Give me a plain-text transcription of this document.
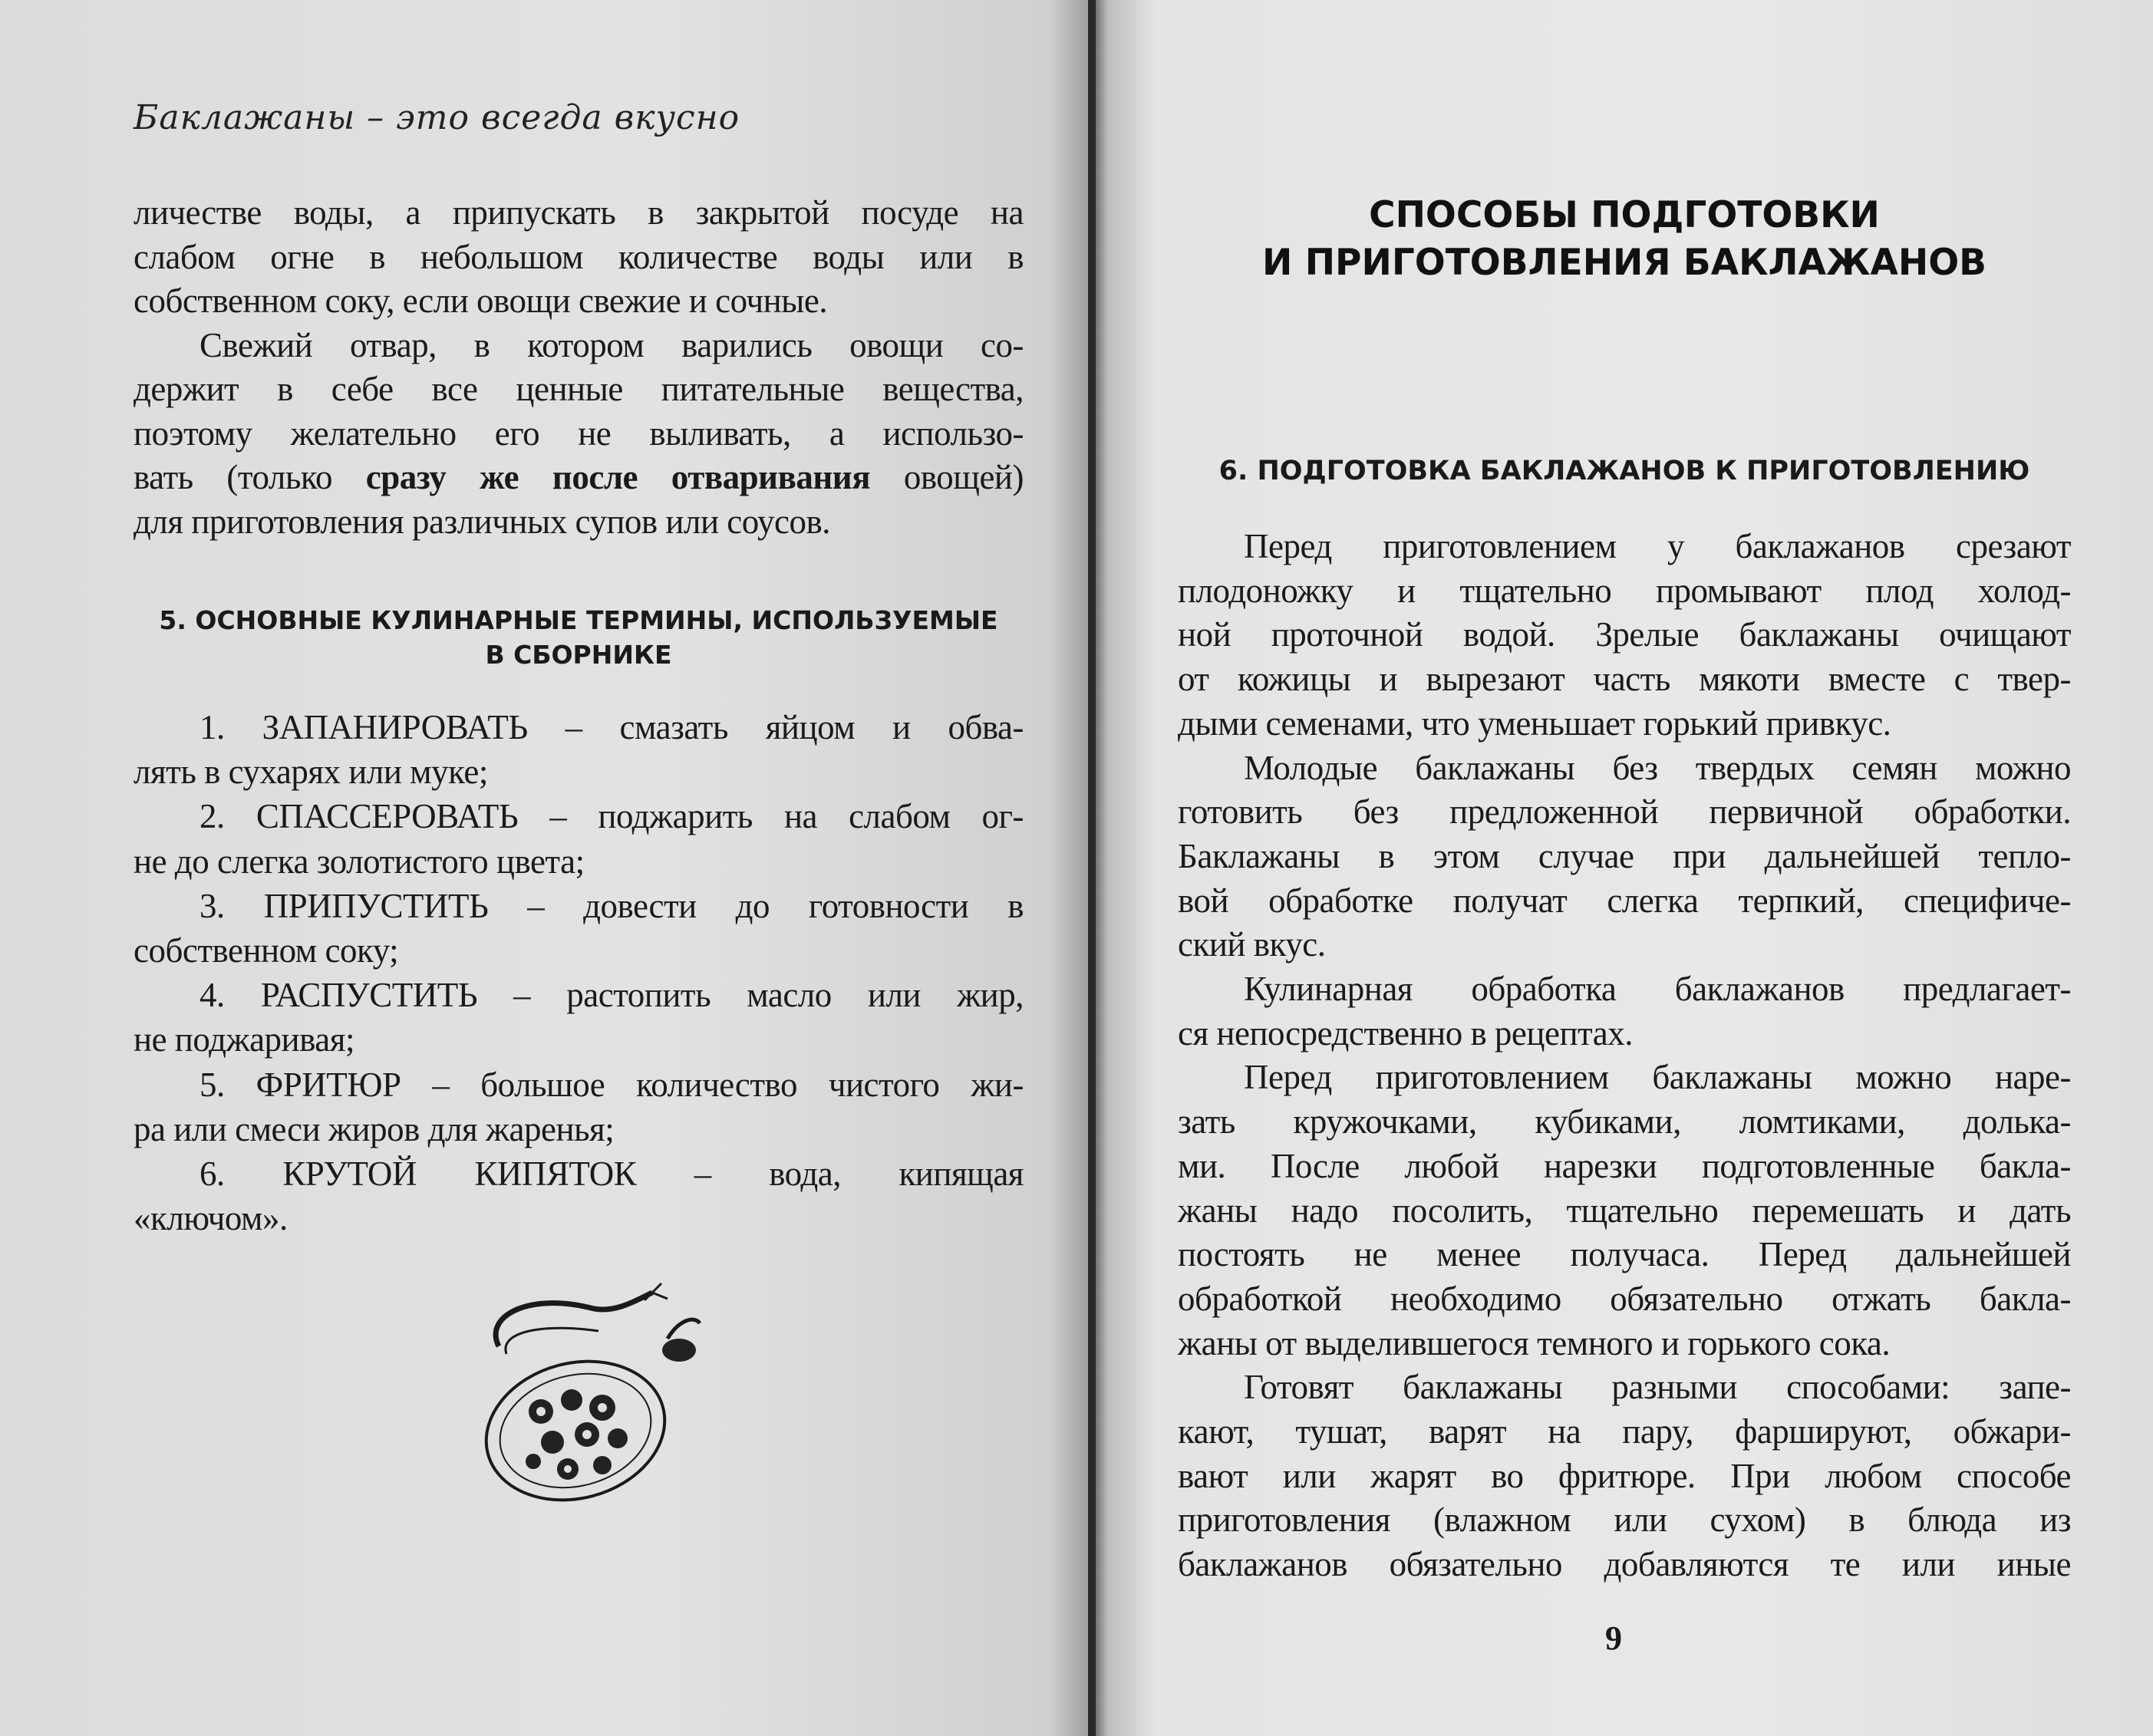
Баклажаны – это всегда вкусно
личестве воды, а припускать в закрытой посуде на
слабом огне в небольшом количестве воды или в
собственном соку, если овощи свежие и сочные.
Свежий отвар, в котором варились овощи со-
держит в себе все ценные питательные вещества,
поэтому желательно его не выливать, а использо-
вать (только сразу же после отваривания овощей)
для приготовления различных супов или соусов.
5. ОСНОВНЫЕ КУЛИНАРНЫЕ ТЕРМИНЫ, ИСПОЛЬЗУЕМЫЕ
В СБОРНИКЕ
1. ЗАПАНИРОВАТЬ – смазать яйцом и обва-
лять в сухарях или муке;
2. СПАССЕРОВАТЬ – поджарить на слабом ог-
не до слегка золотистого цвета;
3. ПРИПУСТИТЬ – довести до готовности в
собственном соку;
4. РАСПУСТИТЬ – растопить масло или жир,
не поджаривая;
5. ФРИТЮР – большое количество чистого жи-
ра или смеси жиров для жаренья;
6. КРУТОЙ КИПЯТОК – вода, кипящая
«ключом».
СПОСОБЫ ПОДГОТОВКИ
И ПРИГОТОВЛЕНИЯ БАКЛАЖАНОВ
6. ПОДГОТОВКА БАКЛАЖАНОВ К ПРИГОТОВЛЕНИЮ
Перед приготовлением у баклажанов срезают
плодоножку и тщательно промывают плод холод-
ной проточной водой. Зрелые баклажаны очищают
от кожицы и вырезают часть мякоти вместе с твер-
дыми семенами, что уменьшает горький привкус.
Молодые баклажаны без твердых семян можно
готовить без предложенной первичной обработки.
Баклажаны в этом случае при дальнейшей тепло-
вой обработке получат слегка терпкий, специфиче-
ский вкус.
Кулинарная обработка баклажанов предлагает-
ся непосредственно в рецептах.
Перед приготовлением баклажаны можно наре-
зать кружочками, кубиками, ломтиками, долька-
ми. После любой нарезки подготовленные бакла-
жаны надо посолить, тщательно перемешать и дать
постоять не менее получаса. Перед дальнейшей
обработкой необходимо обязательно отжать бакла-
жаны от выделившегося темного и горького сока.
Готовят баклажаны разными способами: запе-
кают, тушат, варят на пару, фаршируют, обжари-
вают или жарят во фритюре. При любом способе
приготовления (влажном или сухом) в блюда из
баклажанов обязательно добавляются те или иные
9
